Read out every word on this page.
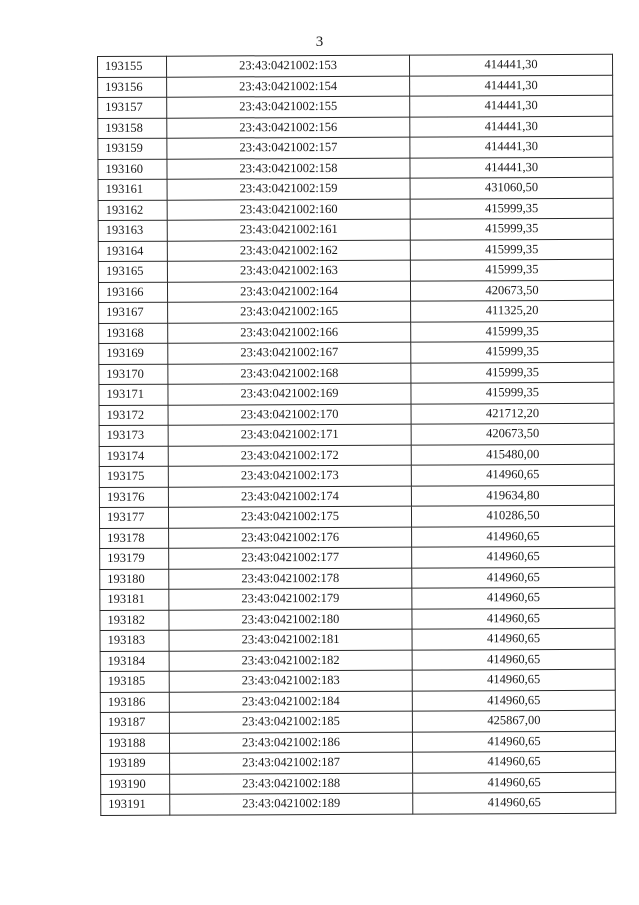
3
193155	23:43:0421002:153	414441,30
193156	23:43:0421002:154	414441,30
193157	23:43:0421002:155	414441,30
193158	23:43:0421002:156	414441,30
193159	23:43:0421002:157	414441,30
193160	23:43:0421002:158	414441,30
193161	23:43:0421002:159	431060,50
193162	23:43:0421002:160	415999,35
193163	23:43:0421002:161	415999,35
193164	23:43:0421002:162	415999,35
193165	23:43:0421002:163	415999,35
193166	23:43:0421002:164	420673,50
193167	23:43:0421002:165	411325,20
193168	23:43:0421002:166	415999,35
193169	23:43:0421002:167	415999,35
193170	23:43:0421002:168	415999,35
193171	23:43:0421002:169	415999,35
193172	23:43:0421002:170	421712,20
193173	23:43:0421002:171	420673,50
193174	23:43:0421002:172	415480,00
193175	23:43:0421002:173	414960,65
193176	23:43:0421002:174	419634,80
193177	23:43:0421002:175	410286,50
193178	23:43:0421002:176	414960,65
193179	23:43:0421002:177	414960,65
193180	23:43:0421002:178	414960,65
193181	23:43:0421002:179	414960,65
193182	23:43:0421002:180	414960,65
193183	23:43:0421002:181	414960,65
193184	23:43:0421002:182	414960,65
193185	23:43:0421002:183	414960,65
193186	23:43:0421002:184	414960,65
193187	23:43:0421002:185	425867,00
193188	23:43:0421002:186	414960,65
193189	23:43:0421002:187	414960,65
193190	23:43:0421002:188	414960,65
193191	23:43:0421002:189	414960,65
